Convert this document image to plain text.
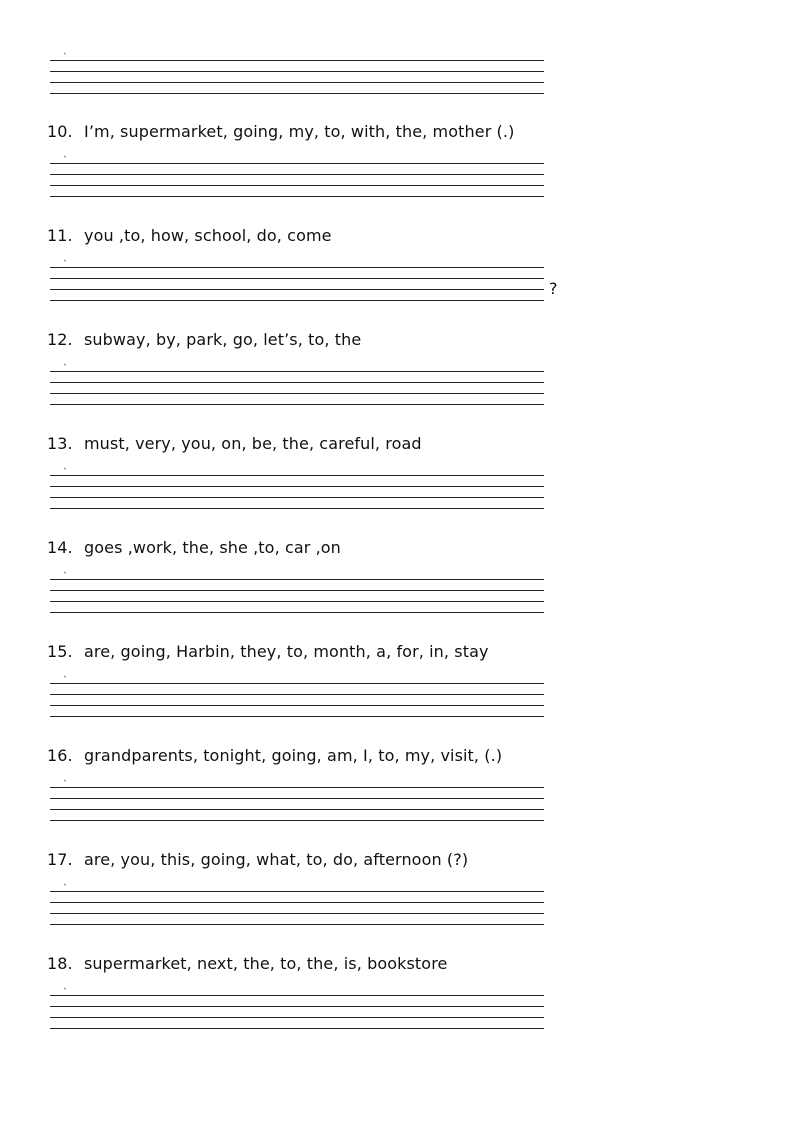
`
10. I’m, supermarket, going, my, to, with, the, mother (.)
`
11. you ,to, how, school, do, come
`
?
12. subway, by, park, go, let’s, to, the
`
13. must, very, you, on, be, the, careful, road
`
14. goes ,work, the, she ,to, car ,on
`
15. are, going, Harbin, they, to, month, a, for, in, stay
`
16. grandparents, tonight, going, am, I, to, my, visit, (.)
`
17. are, you, this, going, what, to, do, afternoon (?)
`
18. supermarket, next, the, to, the, is, bookstore
`
